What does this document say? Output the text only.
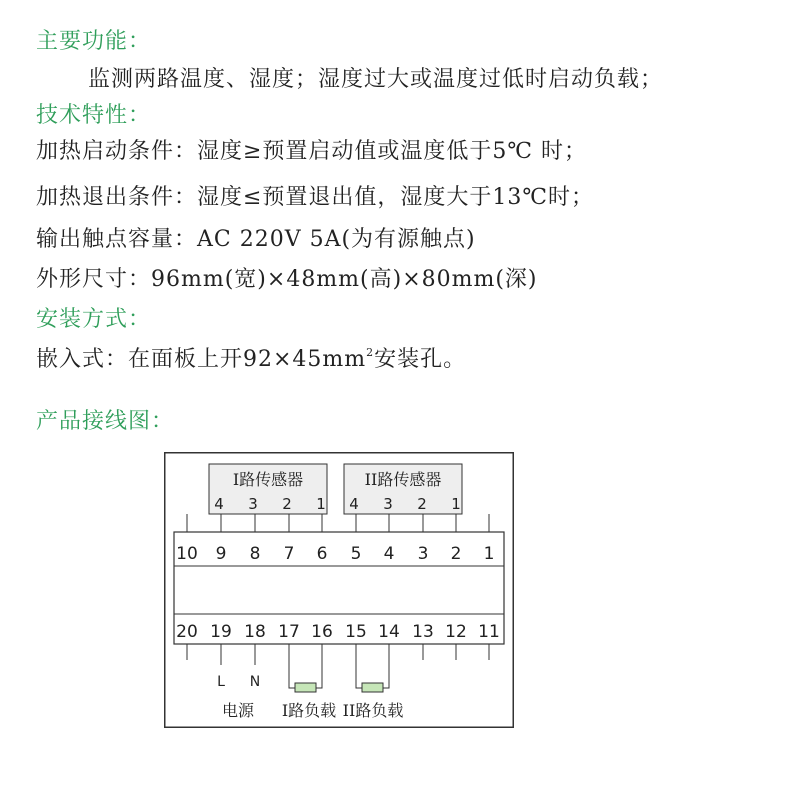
主要功能：
监测两路温度、湿度；湿度过大或温度过低时启动负载；
技术特性：
加热启动条件：湿度≥预置启动值或温度低于5℃ 时；
加热退出条件：湿度≤预置退出值，湿度大于13℃时；
输出触点容量：AC 220V 5A(为有源触点)
外形尺寸：96mm(宽)×48mm(高)×80mm(深)
安装方式：
嵌入式：在面板上开$92\times 45mm^2$安装孔。
产品接线图：
I路传感器	II路传感器
4 3 2 1 4 3 2 1
10 9 8 7 6 5 4 3 2 1
20 19 18 17 16 15 14 13 12 11
L N
电源 I路负载 II路负载
